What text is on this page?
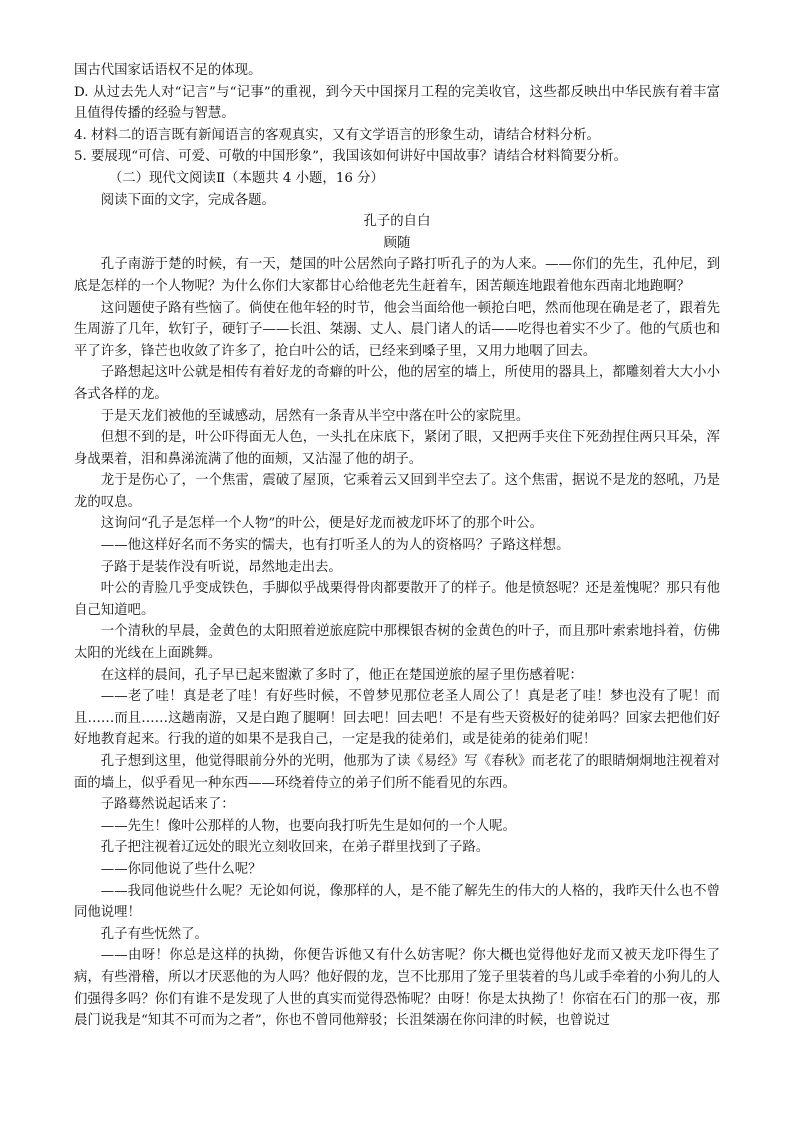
国古代国家话语权不足的体现。

D. 从过去先人对“记言”与“记事”的重视，到今天中国探月工程的完美收官，这些都反映出中华民族有着丰富且值得传播的经验与智慧。

4. 材料二的语言既有新闻语言的客观真实，又有文学语言的形象生动，请结合材料分析。

5. 要展现“可信、可爱、可敬的中国形象”，我国该如何讲好中国故事？请结合材料简要分析。

（二）现代文阅读Ⅱ（本题共 4 小题，16 分）

阅读下面的文字，完成各题。

孔子的自白

顾随

孔子南游于楚的时候，有一天，楚国的叶公居然向子路打听孔子的为人来。——你们的先生，孔仲尼，到底是怎样的一个人物呢？为什么你们大家都甘心给他老先生赶着车，困苦颠连地跟着他东西南北地跑啊？

这问题使子路有些恼了。倘使在他年轻的时节，他会当面给他一顿抢白吧，然而他现在确是老了，跟着先生周游了几年，软钉子，硬钉子——长沮、桀溺、丈人、晨门诸人的话——吃得也着实不少了。他的气质也和平了许多，锋芒也收敛了许多了，抢白叶公的话，已经来到嗓子里，又用力地咽了回去。

子路想起这叶公就是相传有着好龙的奇癖的叶公，他的居室的墙上，所使用的器具上，都雕刻着大大小小各式各样的龙。

于是天龙们被他的至诚感动，居然有一条青从半空中落在叶公的家院里。

但想不到的是，叶公吓得面无人色，一头扎在床底下，紧闭了眼，又把两手夹住下死劲捏住两只耳朵，浑身战栗着，泪和鼻涕流满了他的面颊，又沾湿了他的胡子。

龙于是伤心了，一个焦雷，震破了屋顶，它乘着云又回到半空去了。这个焦雷，据说不是龙的怒吼，乃是龙的叹息。

这询问“孔子是怎样一个人物”的叶公，便是好龙而被龙吓坏了的那个叶公。

——他这样好名而不务实的懦夫，也有打听圣人的为人的资格吗？子路这样想。

子路于是装作没有听说，昂然地走出去。

叶公的青脸几乎变成铁色，手脚似乎战栗得骨肉都要散开了的样子。他是愤怒呢？还是羞愧呢？那只有他自己知道吧。

一个清秋的早晨，金黄色的太阳照着逆旅庭院中那棵银杏树的金黄色的叶子，而且那叶索索地抖着，仿佛太阳的光线在上面跳舞。

在这样的晨间，孔子早已起来盥漱了多时了，他正在楚国逆旅的屋子里伤感着呢：

——老了哇！真是老了哇！有好些时候，不曾梦见那位老圣人周公了！真是老了哇！梦也没有了呢！而且……而且……这趟南游，又是白跑了腿啊！回去吧！回去吧！不是有些天资极好的徒弟吗？回家去把他们好好地教育起来。行我的道的如果不是我自己，一定是我的徒弟们，或是徒弟的徒弟们呢！

孔子想到这里，他觉得眼前分外的光明，他那为了读《易经》写《春秋》而老花了的眼睛炯炯地注视着对面的墙上，似乎看见一种东西——环绕着侍立的弟子们所不能看见的东西。

子路蓦然说起话来了：

——先生！像叶公那样的人物，也要向我打听先生是如何的一个人呢。

孔子把注视着辽远处的眼光立刻收回来，在弟子群里找到了子路。

——你同他说了些什么呢？

——我同他说些什么呢？无论如何说，像那样的人，是不能了解先生的伟大的人格的，我昨天什么也不曾同他说哩！

孔子有些怃然了。

——由呀！你总是这样的执拗，你便告诉他又有什么妨害呢？你大概也觉得他好龙而又被天龙吓得生了病，有些滑稽，所以才厌恶他的为人吗？他好假的龙，岂不比那用了笼子里装着的鸟儿或手牵着的小狗儿的人们强得多吗？你们有谁不是发现了人世的真实而觉得恐怖呢？由呀！你是太执拗了！你宿在石门的那一夜，那晨门说我是“知其不可而为之者”，你也不曾同他辩驳；长沮桀溺在你问津的时候，也曾说过
